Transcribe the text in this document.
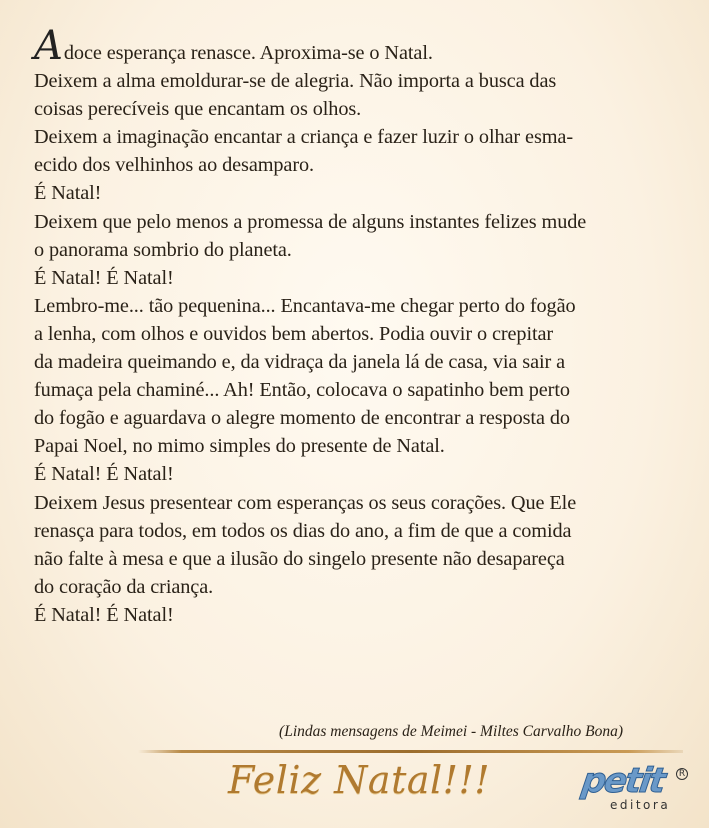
Adoce esperança renasce. Aproxima-se o Natal.

Deixem a alma emoldurar-se de alegria. Não importa a busca das

coisas perecíveis que encantam os olhos.

Deixem a imaginação encantar a criança e fazer luzir o olhar esma-

ecido dos velhinhos ao desamparo.

É Natal!

Deixem que pelo menos a promessa de alguns instantes felizes mude

o panorama sombrio do planeta.

É Natal! É Natal!

Lembro-me... tão pequenina... Encantava-me chegar perto do fogão

a lenha, com olhos e ouvidos bem abertos. Podia ouvir o crepitar

da madeira queimando e, da vidraça da janela lá de casa, via sair a

fumaça pela chaminé... Ah! Então, colocava o sapatinho bem perto

do fogão e aguardava o alegre momento de encontrar a resposta do

Papai Noel, no mimo simples do presente de Natal.

É Natal! É Natal!

Deixem Jesus presentear com esperanças os seus corações. Que Ele

renasça para todos, em todos os dias do ano, a fim de que a comida

não falte à mesa e que a ilusão do singelo presente não desapareça

do coração da criança.

É Natal! É Natal!

(Lindas mensagens de Meimei - Miltes Carvalho Bona)
Feliz Natal!!!	petit	R
editora
